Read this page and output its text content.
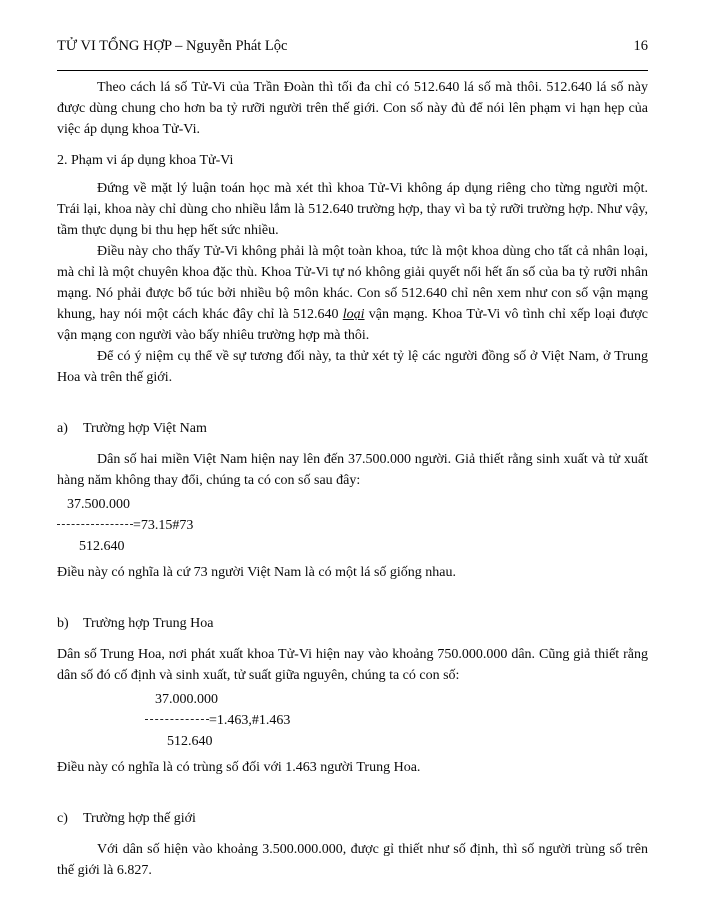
TỬ VI TỔNG HỢP – Nguyễn Phát Lộc	16

Theo cách lá số Tử-Vi của Trần Đoàn thì tối đa chỉ có 512.640 lá số mà thôi. 512.640 lá số này được dùng chung cho hơn ba tỷ rưỡi người trên thế giới. Con số này đủ để nói lên phạm vi hạn hẹp của việc áp dụng khoa Tử-Vi.

2. Phạm vi áp dụng khoa Tử-Vi

Đứng về mặt lý luận toán học mà xét thì khoa Tử-Vi không áp dụng riêng cho từng người một. Trái lại, khoa này chỉ dùng cho nhiều lắm là 512.640 trường hợp, thay vì ba tỷ rưỡi trường hợp. Như vậy, tầm thực dụng bi thu hẹp hết sức nhiều.

Điều này cho thấy Tử-Vi không phải là một toàn khoa, tức là một khoa dùng cho tất cả nhân loại, mà chỉ là một chuyên khoa đặc thù. Khoa Tử-Vi tự nó không giải quyết nổi hết ẩn số của ba tỷ rưỡi nhân mạng. Nó phải được bổ túc bởi nhiều bộ môn khác. Con số 512.640 chỉ nên xem như con số vận mạng khung, hay nói một cách khác đây chỉ là 512.640 loại vận mạng. Khoa Tử-Vi vô tình chỉ xếp loại được vận mạng con người vào bấy nhiêu trường hợp mà thôi.

Để có ý niệm cụ thể về sự tương đối này, ta thử xét tỷ lệ các người đồng số ở Việt Nam, ở Trung Hoa và trên thế giới.

a) Trường hợp Việt Nam

Dân số hai miền Việt Nam hiện nay lên đến 37.500.000 người. Giả thiết rằng sinh xuất và tử xuất hàng năm không thay đổi, chúng ta có con số sau đây:

37.500.000
=73.15#73
512.640

Điều này có nghĩa là cứ 73 người Việt Nam là có một lá số giống nhau.

b) Trường hợp Trung Hoa

Dân số Trung Hoa, nơi phát xuất khoa Tử-Vi hiện nay vào khoảng 750.000.000 dân. Cũng giả thiết rằng dân số đó cố định và sinh xuất, tử suất giữa nguyên, chúng ta có con số:

37.000.000
=1.463,#1.463
512.640

Điều này có nghĩa là có trùng số đối với 1.463 người Trung Hoa.

c) Trường hợp thế giới

Với dân số hiện vào khoảng 3.500.000.000, được gỉ thiết như số định, thì số người trùng số trên thế giới là 6.827.
